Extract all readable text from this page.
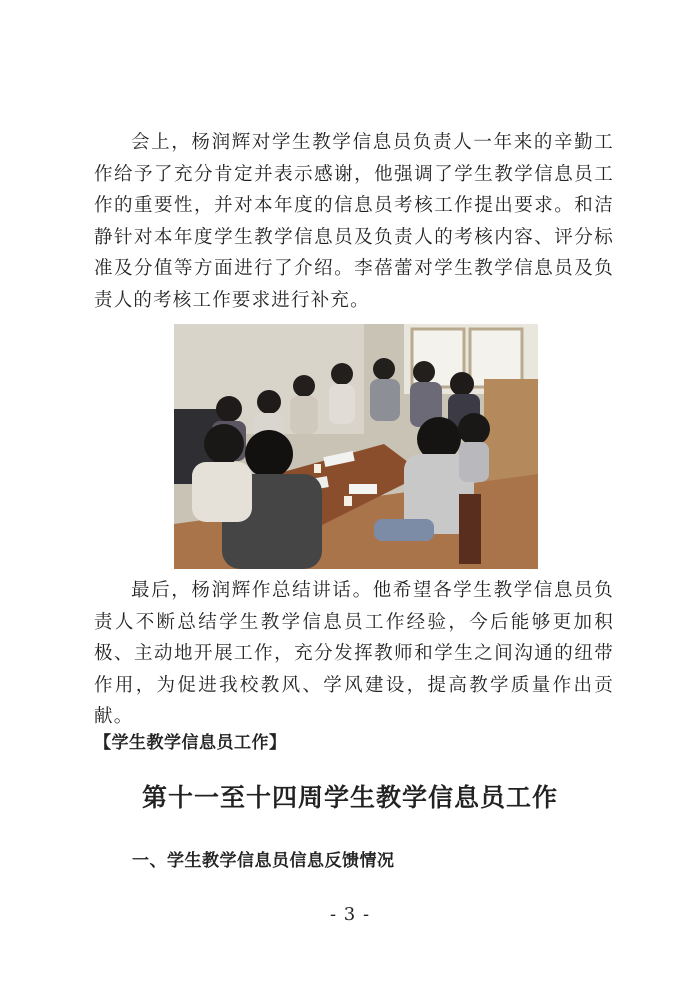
会上，杨润辉对学生教学信息员负责人一年来的辛勤工作给予了充分肯定并表示感谢，他强调了学生教学信息员工作的重要性，并对本年度的信息员考核工作提出要求。和洁静针对本年度学生教学信息员及负责人的考核内容、评分标准及分值等方面进行了介绍。李蓓蕾对学生教学信息员及负责人的考核工作要求进行补充。

最后，杨润辉作总结讲话。他希望各学生教学信息员负责人不断总结学生教学信息员工作经验，今后能够更加积极、主动地开展工作，充分发挥教师和学生之间沟通的纽带作用，为促进我校教风、学风建设，提高教学质量作出贡献。

【学生教学信息员工作】

第十一至十四周学生教学信息员工作
一、学生教学信息员信息反馈情况
- 3 -
